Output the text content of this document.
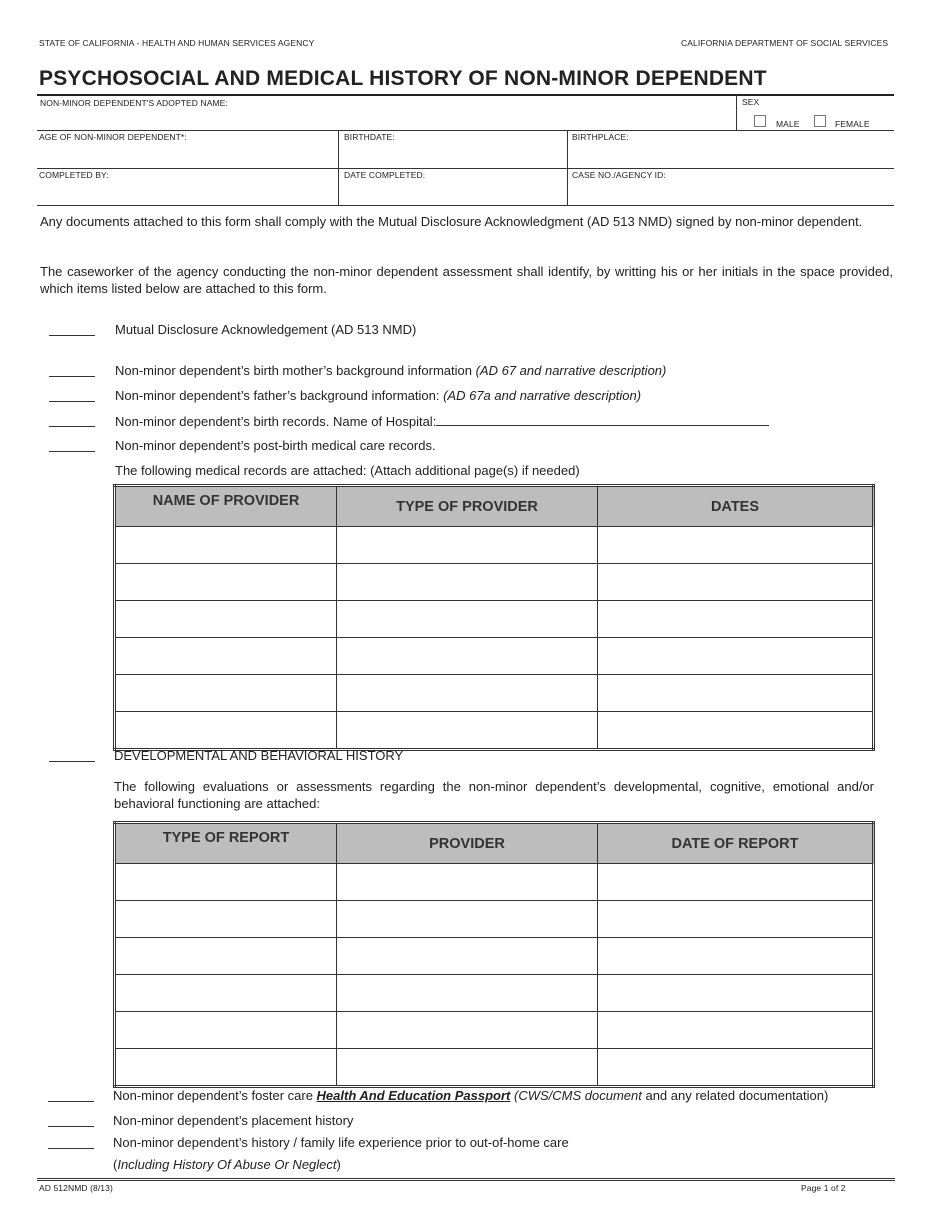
STATE OF CALIFORNIA - HEALTH AND HUMAN SERVICES AGENCY	CALIFORNIA DEPARTMENT OF SOCIAL SERVICES
PSYCHOSOCIAL AND MEDICAL HISTORY OF NON-MINOR DEPENDENT
NON-MINOR DEPENDENT'S ADOPTED NAME:	SEX
MALE	FEMALE
AGE OF NON-MINOR DEPENDENT*:	BIRTHDATE:	BIRTHPLACE:
COMPLETED BY:	DATE COMPLETED:	CASE NO./AGENCY ID:
Any documents attached to this form shall comply with the Mutual Disclosure Acknowledgment (AD 513 NMD) signed by non-minor dependent.
The caseworker of the agency conducting the non-minor dependent assessment shall identify, by writting his or her initials in the space provided, which items listed below are attached to this form.
Mutual Disclosure Acknowledgement (AD 513 NMD)
Non-minor dependent’s birth mother’s background information (AD 67 and narrative description)
Non-minor dependent’s father’s background information: (AD 67a and narrative description)
Non-minor dependent’s birth records. Name of Hospital:
Non-minor dependent’s post-birth medical care records.
The following medical records are attached: (Attach additional page(s) if needed)
NAME OF PROVIDER	TYPE OF PROVIDER	DATES

DEVELOPMENTAL AND BEHAVIORAL HISTORY
The following evaluations or assessments regarding the non-minor dependent’s developmental, cognitive, emotional and/or behavioral functioning are attached:
TYPE OF REPORT	PROVIDER	DATE OF REPORT

Non-minor dependent’s foster care Health And Education Passport (CWS/CMS document and any related documentation)
Non-minor dependent’s placement history
Non-minor dependent’s history / family life experience prior to out-of-home care
(Including History Of Abuse Or Neglect)
AD 512NMD (8/13)	Page 1 of 2
